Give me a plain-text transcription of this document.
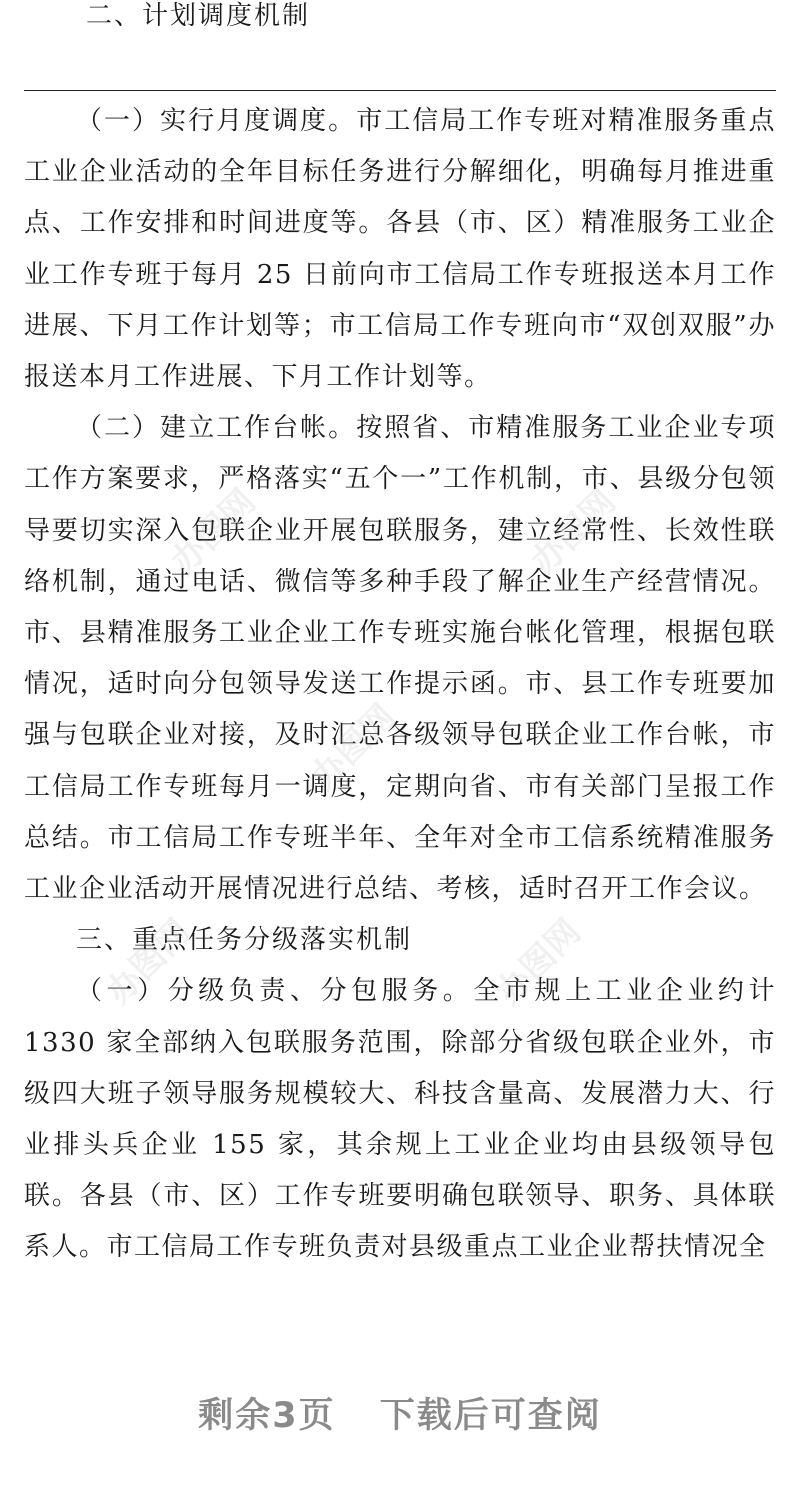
二、计划调度机制

（一）实行月度调度。市工信局工作专班对精准服务重点工业企业活动的全年目标任务进行分解细化，明确每月推进重点、工作安排和时间进度等。各县（市、区）精准服务工业企业工作专班于每月 25 日前向市工信局工作专班报送本月工作进展、下月工作计划等；市工信局工作专班向市“双创双服”办报送本月工作进展、下月工作计划等。

（二）建立工作台帐。按照省、市精准服务工业企业专项工作方案要求，严格落实“五个一”工作机制，市、县级分包领导要切实深入包联企业开展包联服务，建立经常性、长效性联络机制，通过电话、微信等多种手段了解企业生产经营情况。市、县精准服务工业企业工作专班实施台帐化管理，根据包联情况，适时向分包领导发送工作提示函。市、县工作专班要加强与包联企业对接，及时汇总各级领导包联企业工作台帐，市工信局工作专班每月一调度，定期向省、市有关部门呈报工作总结。市工信局工作专班半年、全年对全市工信系统精准服务工业企业活动开展情况进行总结、考核，适时召开工作会议。

三、重点任务分级落实机制

（一）分级负责、分包服务。全市规上工业企业约计 1330 家全部纳入包联服务范围，除部分省级包联企业外，市级四大班子领导服务规模较大、科技含量高、发展潜力大、行业排头兵企业 155 家，其余规上工业企业均由县级领导包联。各县（市、区）工作专班要明确包联领导、职务、具体联系人。市工信局工作专班负责对县级重点工业企业帮扶情况全

办图网	办图网
办图网
办图网	办图网
剩余3页 下载后可查阅
